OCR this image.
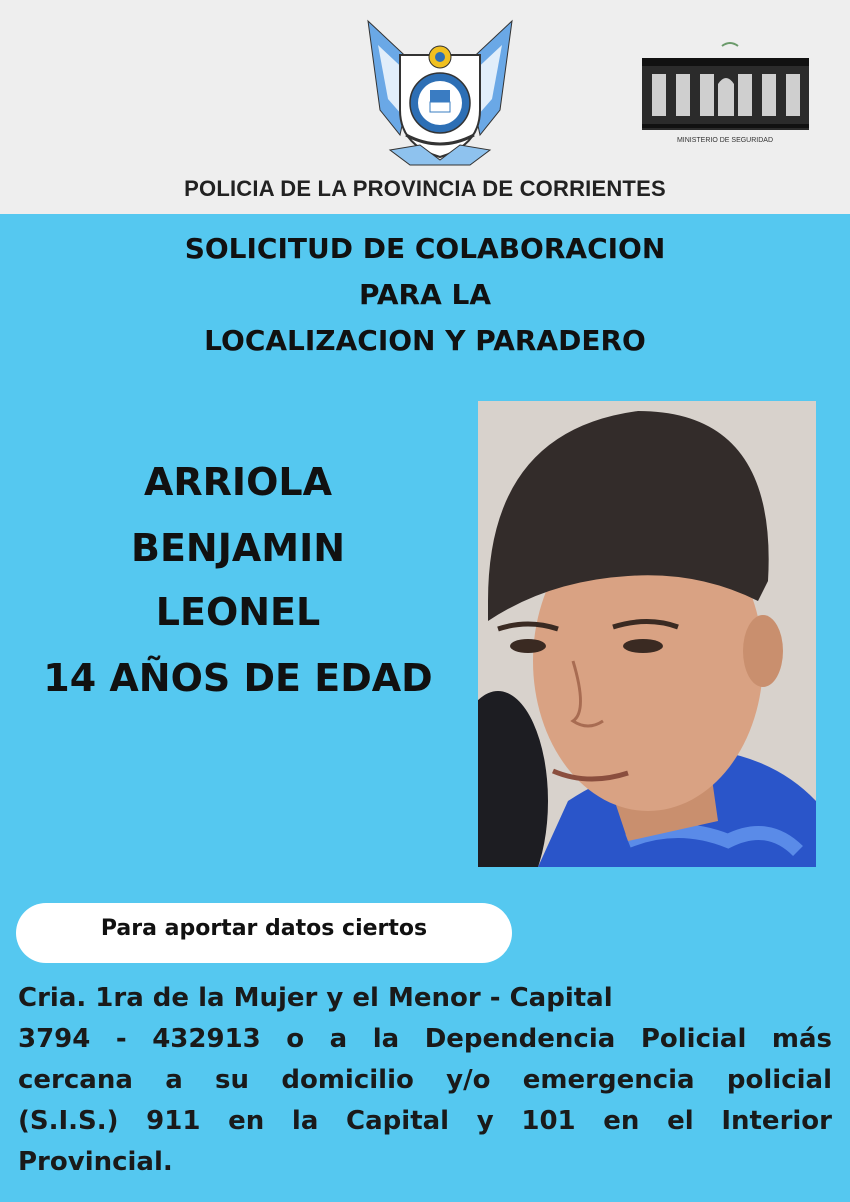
MINISTERIO DE SEGURIDAD
POLICIA DE LA PROVINCIA DE CORRIENTES
SOLICITUD DE COLABORACION
PARA LA
LOCALIZACION Y PARADERO
ARRIOLA
BENJAMIN
LEONEL
14 AÑOS DE EDAD
Para aportar datos ciertos
Cria. 1ra de la Mujer y el Menor - Capital
3794 - 432913 o a la Dependencia Policial más
cercana a su domicilio y/o emergencia policial
(S.I.S.) 911 en la Capital y 101 en el Interior
Provincial.
